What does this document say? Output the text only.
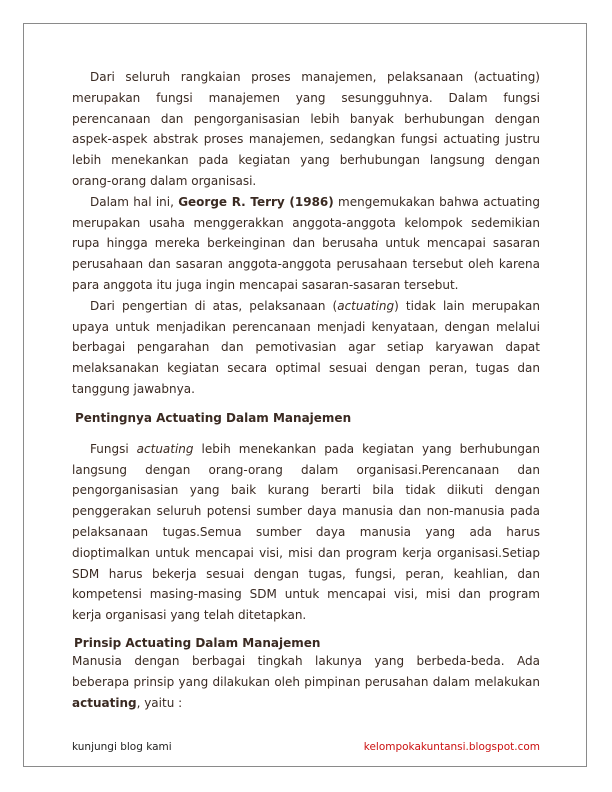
Dari seluruh rangkaian proses manajemen, pelaksanaan (actuating) merupakan fungsi manajemen yang sesungguhnya. Dalam fungsi perencanaan dan pengorganisasian lebih banyak berhubungan dengan aspek-aspek abstrak proses manajemen, sedangkan fungsi actuating justru lebih menekankan pada kegiatan yang berhubungan langsung dengan orang-orang dalam organisasi.

Dalam hal ini, George R. Terry (1986) mengemukakan bahwa actuating merupakan usaha menggerakkan anggota-anggota kelompok sedemikian rupa hingga mereka berkeinginan dan berusaha untuk mencapai sasaran perusahaan dan sasaran anggota-anggota perusahaan tersebut oleh karena para anggota itu juga ingin mencapai sasaran-sasaran tersebut.

Dari pengertian di atas, pelaksanaan (actuating) tidak lain merupakan upaya untuk menjadikan perencanaan menjadi kenyataan, dengan melalui berbagai pengarahan dan pemotivasian agar setiap karyawan dapat melaksanakan kegiatan secara optimal sesuai dengan peran, tugas dan tanggung jawabnya.

Pentingnya Actuating Dalam Manajemen

Fungsi actuating lebih menekankan pada kegiatan yang berhubungan langsung dengan orang-orang dalam organisasi.Perencanaan dan pengorganisasian yang baik kurang berarti bila tidak diikuti dengan penggerakan seluruh potensi sumber daya manusia dan non-manusia pada pelaksanaan tugas.Semua sumber daya manusia yang ada harus dioptimalkan untuk mencapai visi, misi dan program kerja organisasi.Setiap SDM harus bekerja sesuai dengan tugas, fungsi, peran, keahlian, dan kompetensi masing-masing SDM untuk mencapai visi, misi dan program kerja organisasi yang telah ditetapkan.

Prinsip Actuating Dalam Manajemen

Manusia dengan berbagai tingkah lakunya yang berbeda-beda. Ada beberapa prinsip yang dilakukan oleh pimpinan perusahan dalam melakukan actuating, yaitu :

kunjungi blog kami	kelompokakuntansi.blogspot.com
